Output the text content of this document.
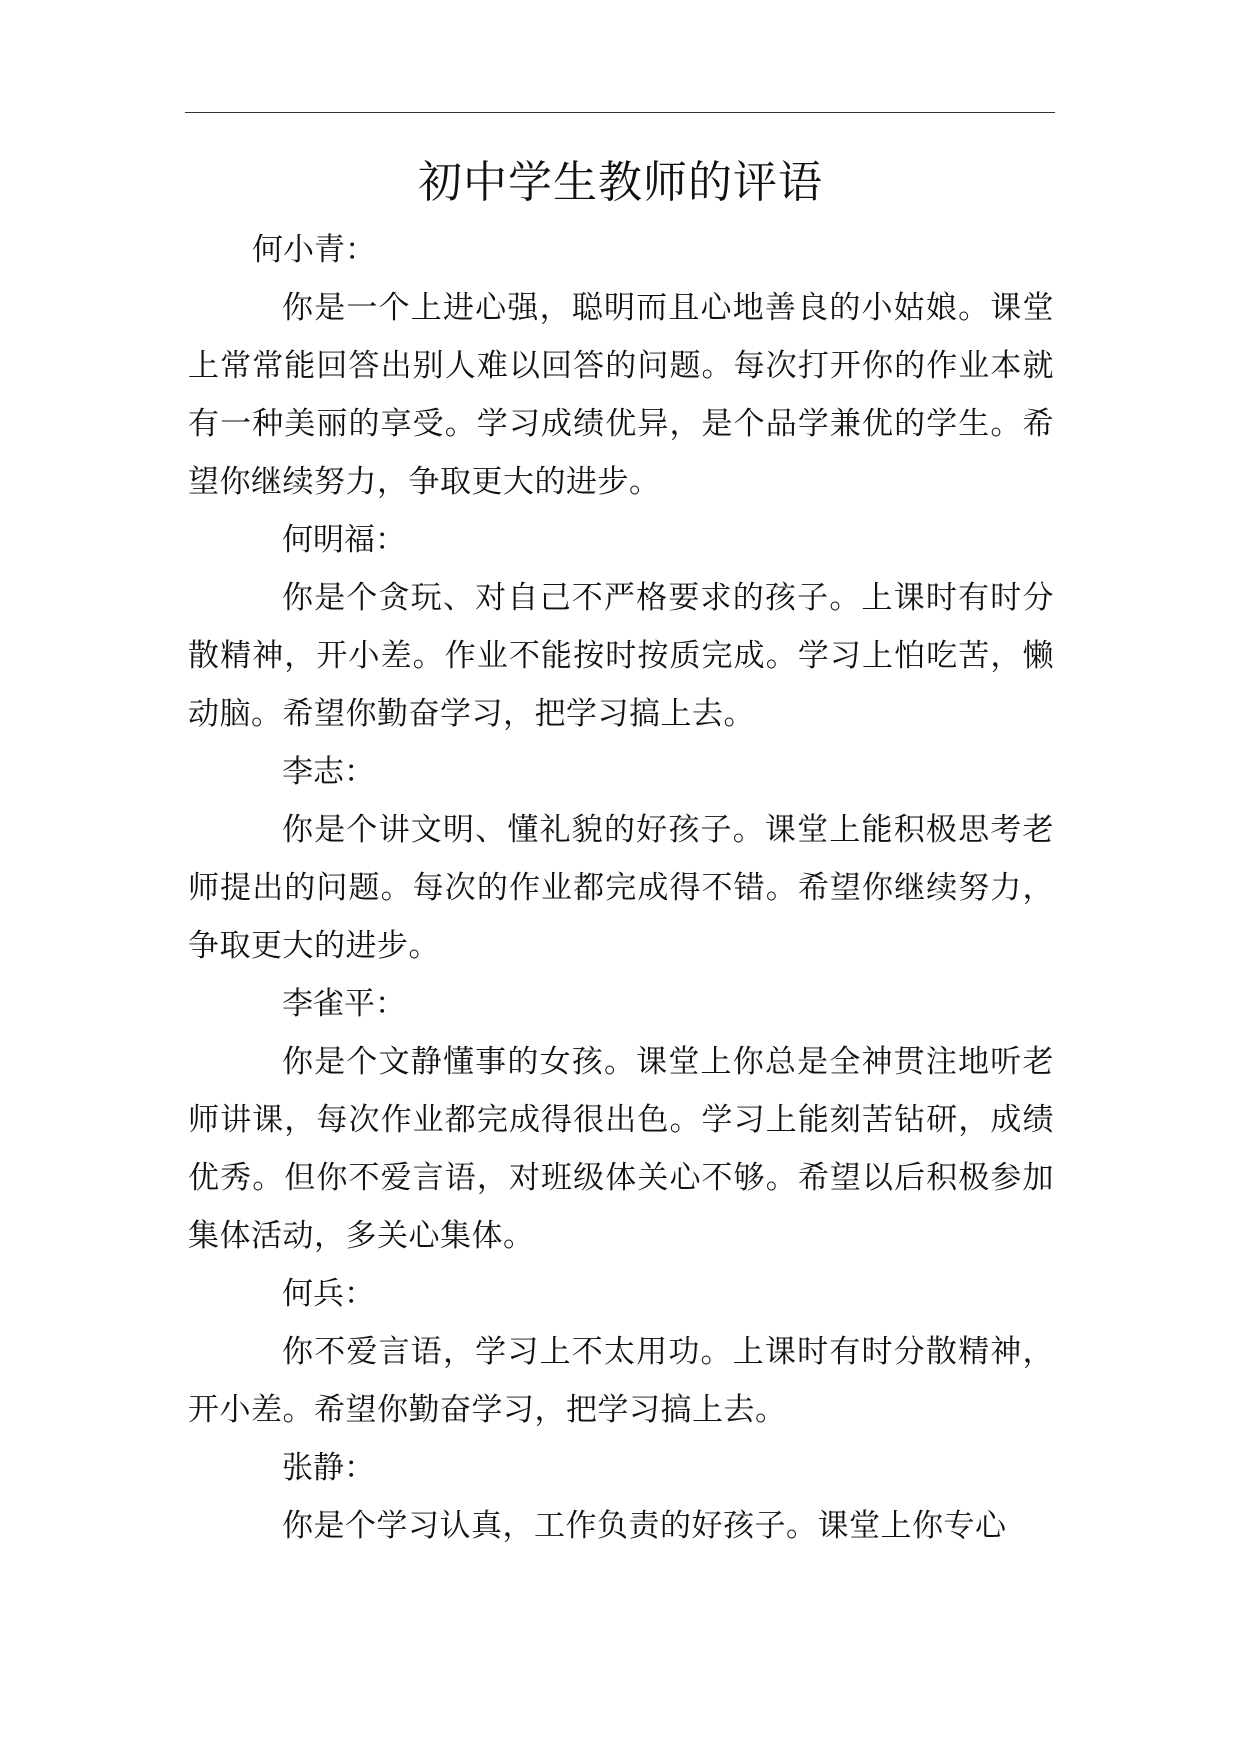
初中学生教师的评语

何小青：

你是一个上进心强，聪明而且心地善良的小姑娘。课堂上常常能回答出别人难以回答的问题。每次打开你的作业本就有一种美丽的享受。学习成绩优异，是个品学兼优的学生。希望你继续努力，争取更大的进步。

何明福：

你是个贪玩、对自己不严格要求的孩子。上课时有时分散精神，开小差。作业不能按时按质完成。学习上怕吃苦，懒动脑。希望你勤奋学习，把学习搞上去。

李志：

你是个讲文明、懂礼貌的好孩子。课堂上能积极思考老师提出的问题。每次的作业都完成得不错。希望你继续努力，争取更大的进步。

李雀平：

你是个文静懂事的女孩。课堂上你总是全神贯注地听老师讲课，每次作业都完成得很出色。学习上能刻苦钻研，成绩优秀。但你不爱言语，对班级体关心不够。希望以后积极参加集体活动，多关心集体。

何兵：

你不爱言语，学习上不太用功。上课时有时分散精神，开小差。希望你勤奋学习，把学习搞上去。

张静：

你是个学习认真，工作负责的好孩子。课堂上你专心
